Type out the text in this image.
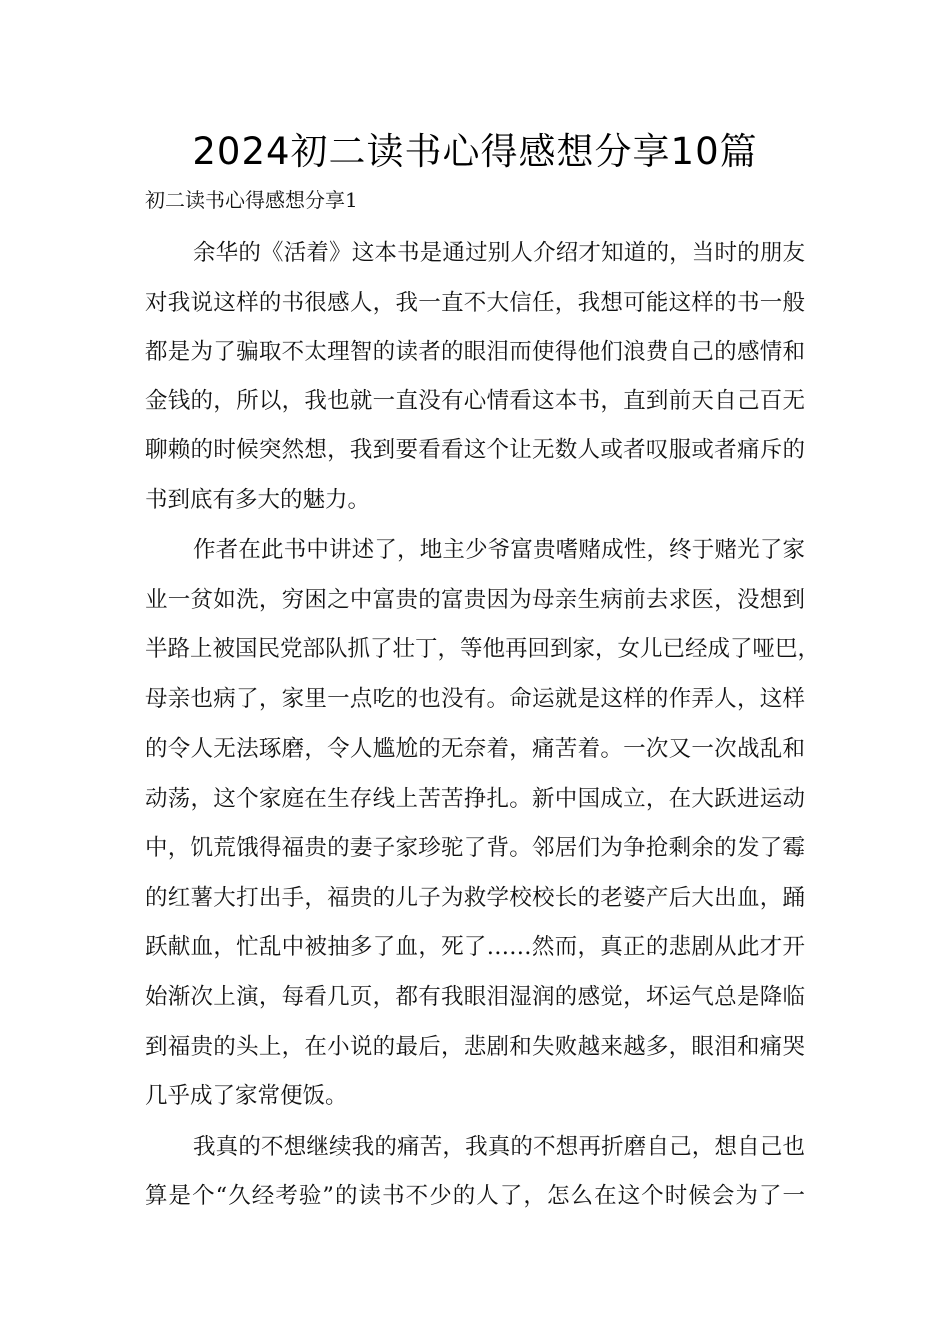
2024初二读书心得感想分享10篇
初二读书心得感想分享1

余华的《活着》这本书是通过别人介绍才知道的，当时的朋友

对我说这样的书很感人，我一直不大信任，我想可能这样的书一般

都是为了骗取不太理智的读者的眼泪而使得他们浪费自己的感情和

金钱的，所以，我也就一直没有心情看这本书，直到前天自己百无

聊赖的时候突然想，我到要看看这个让无数人或者叹服或者痛斥的

书到底有多大的魅力。

作者在此书中讲述了，地主少爷富贵嗜赌成性，终于赌光了家

业一贫如洗，穷困之中富贵的富贵因为母亲生病前去求医，没想到

半路上被国民党部队抓了壮丁，等他再回到家，女儿已经成了哑巴，

母亲也病了，家里一点吃的也没有。命运就是这样的作弄人，这样

的令人无法琢磨，令人尴尬的无奈着，痛苦着。一次又一次战乱和

动荡，这个家庭在生存线上苦苦挣扎。新中国成立，在大跃进运动

中，饥荒饿得福贵的妻子家珍驼了背。邻居们为争抢剩余的发了霉

的红薯大打出手，福贵的儿子为救学校校长的老婆产后大出血，踊

跃献血，忙乱中被抽多了血，死了……然而，真正的悲剧从此才开

始渐次上演，每看几页，都有我眼泪湿润的感觉，坏运气总是降临

到福贵的头上，在小说的最后，悲剧和失败越来越多，眼泪和痛哭

几乎成了家常便饭。

我真的不想继续我的痛苦，我真的不想再折磨自己，想自己也

算是个“久经考验”的读书不少的人了，怎么在这个时候会为了一
